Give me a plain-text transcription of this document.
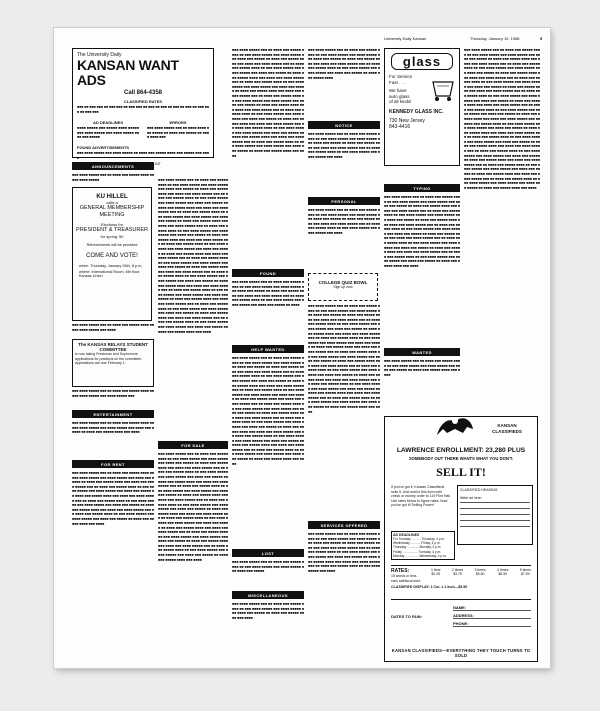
University Daily Kansan	Thursday, January 19, 1988	9
The University Daily
KANSAN WANT ADS
Call 864-4358
CLASSIFIED RATES
■■■ ■■ ■■■ ■■■ ■■ ■■■ ■■■ ■■ ■■■ ■■■ ■■ ■■■ ■■ ■■■ ■■ ■■■ ■■ ■■■ ■■ ■■■ ■■■ ■■ ■■■ ■■■
AD DEADLINES
■■■■ ■■■■■ ■■■ ■■■■■ ■■■■ ■■■■■ ■■■ ■■■■ ■■■■■ ■■■ ■■■■ ■■■■■ ■■■■ ■■■ ■■■■■
ERRORS
■■■ ■■■■ ■■■■■ ■■■ ■■ ■■■■ ■■■■ ■■■ ■■■■■ ■■ ■■■■ ■■■ ■■■■■ ■■ ■■■■ ■■■■ ■■■
FOUND ADVERTISEMENTS
■■■ ■■■■ ■■■■■ ■■■ ■■■■ ■■■■■ ■■ ■■■■ ■■■ ■■■■■ ■■■■ ■■■ ■■■■■ ■■■ ■■■■
119 STAUFFER-FLINT
ANNOUNCEMENTS
■■■ ■■■■ ■■■■■ ■■■ ■■ ■■■■ ■■■ ■■■■■ ■■■■ ■■ ■■■ ■■■■ ■■■■■
KU HILLEL
calls a
GENERAL MEMBERSHIP MEETING
Elections for
PRESIDENT & TREASURER
for spring '90
Refreshments will be provided
COME AND VOTE!
when: Thursday, January 26th, 8 p.m.
where: International Room, 6th floor, Kansas Union
■■■ ■■■■ ■■■■■ ■■■ ■■ ■■■■ ■■■ ■■■■■ ■■■■ ■■ ■■■ ■■■■ ■■■■■ ■■■ ■■■■
The KANSAS RELAYS STUDENT COMMITTEE
is now taking Freshman and Sophomore applications for positions on the committee. Applications are due February 1.
■■■ ■■■■ ■■■■■ ■■■ ■■ ■■■■ ■■■ ■■■■■ ■■■■ ■■ ■■■ ■■■■ ■■■■■ ■■■ ■■■■ ■■■■■ ■■■
ENTERTAINMENT
■■■ ■■■■ ■■■■■ ■■■ ■■ ■■■■ ■■■ ■■■■■ ■■■■ ■■ ■■■ ■■■■ ■■■■■ ■■■ ■■■■ ■■■■■ ■■■ ■■■■ ■■■ ■■■■■ ■■ ■■■■ ■■■ ■■■■■ ■■■■ ■■■ ■■■■
FOR RENT
■■■ ■■■■ ■■■■■ ■■■ ■■ ■■■■ ■■■ ■■■■■ ■■■■ ■■ ■■■ ■■■■ ■■■■■ ■■■ ■■■■ ■■■■■ ■■■ ■■■■ ■■■ ■■■■■ ■■ ■■■■ ■■■ ■■■■■ ■■■■ ■■■ ■■■■ ■■■ ■■■■ ■■■■■ ■■■ ■■ ■■■■ ■■■ ■■■■■ ■■■■ ■■ ■■■ ■■■■ ■■■■■ ■■■ ■■■■ ■■■■■ ■■■ ■■■■ ■■■ ■■■■■ ■■ ■■■■ ■■■ ■■■■■ ■■■■ ■■■ ■■■■ ■■■ ■■■■ ■■■■■ ■■■ ■■ ■■■■ ■■■ ■■■■■ ■■■■ ■■ ■■■ ■■■■ ■■■■■ ■■■ ■■■■ ■■■■■ ■■■ ■■■■ ■■■ ■■■■■ ■■ ■■■■ ■■■ ■■■■■ ■■■■ ■■■ ■■■■ ■■■ ■■■■ ■■■■■ ■■■ ■■ ■■■■ ■■■ ■■■■■ ■■■■ ■■ ■■■ ■■■■ ■■■■■ ■■■ ■■■■ ■■■■■ ■■■ ■■■■ ■■■ ■■■■■ ■■ ■■■■ ■■■ ■■■■■ ■■■■ ■■■ ■■■■
■■■ ■■■■ ■■■■■ ■■■ ■■ ■■■■ ■■■ ■■■■■ ■■■■ ■■ ■■■ ■■■■ ■■■■■ ■■■ ■■■■ ■■■■■ ■■■ ■■■■ ■■■ ■■■■■ ■■ ■■■■ ■■■ ■■■■■ ■■■■ ■■■ ■■■■ ■■■ ■■■■ ■■■■■ ■■■ ■■ ■■■■ ■■■ ■■■■■ ■■■■ ■■ ■■■ ■■■■ ■■■■■ ■■■ ■■■■ ■■■■■ ■■■ ■■■■ ■■■ ■■■■■ ■■ ■■■■ ■■■ ■■■■■ ■■■■ ■■■ ■■■■ ■■■ ■■■■ ■■■■■ ■■■ ■■ ■■■■ ■■■ ■■■■■ ■■■■ ■■ ■■■ ■■■■ ■■■■■ ■■■ ■■■■ ■■■■■ ■■■ ■■■■ ■■■ ■■■■■ ■■ ■■■■ ■■■ ■■■■■ ■■■■ ■■■ ■■■■ ■■■ ■■■■ ■■■■■ ■■■ ■■ ■■■■ ■■■ ■■■■■ ■■■■ ■■ ■■■ ■■■■ ■■■■■ ■■■ ■■■■ ■■■■■ ■■■ ■■■■ ■■■ ■■■■■ ■■ ■■■■ ■■■ ■■■■■ ■■■■ ■■■ ■■■■ ■■■ ■■■■ ■■■■■ ■■■ ■■ ■■■■ ■■■ ■■■■■ ■■■■ ■■ ■■■ ■■■■ ■■■■■ ■■■ ■■■■ ■■■■■ ■■■ ■■■■ ■■■ ■■■■■ ■■ ■■■■ ■■■ ■■■■■ ■■■■ ■■■ ■■■■ ■■■ ■■■■ ■■■■■ ■■■ ■■ ■■■■ ■■■ ■■■■■ ■■■■ ■■ ■■■ ■■■■ ■■■■■ ■■■ ■■■■ ■■■■■ ■■■ ■■■■ ■■■ ■■■■■ ■■ ■■■■ ■■■ ■■■■■ ■■■■ ■■■ ■■■■ ■■■ ■■■■ ■■■■■ ■■■ ■■ ■■■■ ■■■ ■■■■■ ■■■■ ■■ ■■■ ■■■■ ■■■■■ ■■■ ■■■■ ■■■■■ ■■■ ■■■■ ■■■ ■■■■■ ■■ ■■■■ ■■■ ■■■■■ ■■■■ ■■■ ■■■■ ■■■ ■■■■ ■■■■■ ■■■ ■■ ■■■■ ■■■ ■■■■■ ■■■■ ■■ ■■■ ■■■■ ■■■■■ ■■■ ■■■■ ■■■■■ ■■■ ■■■■ ■■■ ■■■■■ ■■ ■■■■ ■■■ ■■■■■ ■■■■ ■■■ ■■■■ ■■■ ■■■■ ■■■■■ ■■■ ■■ ■■■■ ■■■ ■■■■■ ■■■■ ■■ ■■■ ■■■■ ■■■■■ ■■■ ■■■■ ■■■■■ ■■■ ■■■■ ■■■ ■■■■■ ■■ ■■■■ ■■■ ■■■■■ ■■■■ ■■■ ■■■■ ■■■ ■■■■ ■■■■■ ■■■ ■■ ■■■■ ■■■ ■■■■■ ■■■■ ■■ ■■■ ■■■■ ■■■■■ ■■■ ■■■■ ■■■■■ ■■■ ■■■■ ■■■ ■■■■■ ■■ ■■■■ ■■■ ■■■■■ ■■■■ ■■■ ■■■■
FOR SALE
■■■ ■■■■ ■■■■■ ■■■ ■■ ■■■■ ■■■ ■■■■■ ■■■■ ■■ ■■■ ■■■■ ■■■■■ ■■■ ■■■■ ■■■■■ ■■■ ■■■■ ■■■ ■■■■■ ■■ ■■■■ ■■■ ■■■■■ ■■■■ ■■■ ■■■■ ■■■ ■■■■ ■■■■■ ■■■ ■■ ■■■■ ■■■ ■■■■■ ■■■■ ■■ ■■■ ■■■■ ■■■■■ ■■■ ■■■■ ■■■■■ ■■■ ■■■■ ■■■ ■■■■■ ■■ ■■■■ ■■■ ■■■■■ ■■■■ ■■■ ■■■■ ■■■ ■■■■ ■■■■■ ■■■ ■■ ■■■■ ■■■ ■■■■■ ■■■■ ■■ ■■■ ■■■■ ■■■■■ ■■■ ■■■■ ■■■■■ ■■■ ■■■■ ■■■ ■■■■■ ■■ ■■■■ ■■■ ■■■■■ ■■■■ ■■■ ■■■■ ■■■ ■■■■ ■■■■■ ■■■ ■■ ■■■■ ■■■ ■■■■■ ■■■■ ■■ ■■■ ■■■■ ■■■■■ ■■■ ■■■■ ■■■■■ ■■■ ■■■■ ■■■ ■■■■■ ■■ ■■■■ ■■■ ■■■■■ ■■■■ ■■■ ■■■■ ■■■ ■■■■ ■■■■■ ■■■ ■■ ■■■■ ■■■ ■■■■■ ■■■■ ■■ ■■■ ■■■■ ■■■■■ ■■■ ■■■■ ■■■■■ ■■■ ■■■■ ■■■ ■■■■■ ■■ ■■■■ ■■■ ■■■■■ ■■■■ ■■■ ■■■■ ■■■ ■■■■ ■■■■■ ■■■ ■■ ■■■■ ■■■ ■■■■■ ■■■■ ■■ ■■■ ■■■■ ■■■■■ ■■■ ■■■■ ■■■■■ ■■■ ■■■■ ■■■ ■■■■■ ■■ ■■■■ ■■■ ■■■■■ ■■■■ ■■■ ■■■■ ■■■ ■■■■ ■■■■■ ■■■ ■■ ■■■■ ■■■ ■■■■■ ■■■■ ■■ ■■■ ■■■■ ■■■■■ ■■■ ■■■■ ■■■■■ ■■■ ■■■■ ■■■ ■■■■■ ■■ ■■■■ ■■■ ■■■■■ ■■■■ ■■■ ■■■■
■■■ ■■■■ ■■■■■ ■■■ ■■ ■■■■ ■■■ ■■■■■ ■■■■ ■■ ■■■ ■■■■ ■■■■■ ■■■ ■■■■ ■■■■■ ■■■ ■■■■ ■■■ ■■■■■ ■■ ■■■■ ■■■ ■■■■■ ■■■■ ■■■ ■■■■ ■■■ ■■■■ ■■■■■ ■■■ ■■ ■■■■ ■■■ ■■■■■ ■■■■ ■■ ■■■ ■■■■ ■■■■■ ■■■ ■■■■ ■■■■■ ■■■ ■■■■ ■■■ ■■■■■ ■■ ■■■■ ■■■ ■■■■■ ■■■■ ■■■ ■■■■ ■■■ ■■■■ ■■■■■ ■■■ ■■ ■■■■ ■■■ ■■■■■ ■■■■ ■■ ■■■ ■■■■ ■■■■■ ■■■ ■■■■ ■■■■■ ■■■ ■■■■ ■■■ ■■■■■ ■■ ■■■■ ■■■ ■■■■■ ■■■■ ■■■ ■■■■ ■■■ ■■■■ ■■■■■ ■■■ ■■ ■■■■ ■■■ ■■■■■ ■■■■ ■■ ■■■ ■■■■ ■■■■■ ■■■ ■■■■ ■■■■■ ■■■ ■■■■ ■■■ ■■■■■ ■■ ■■■■ ■■■ ■■■■■ ■■■■ ■■■ ■■■■ ■■■ ■■■■ ■■■■■ ■■■ ■■ ■■■■ ■■■ ■■■■■ ■■■■ ■■ ■■■ ■■■■ ■■■■■ ■■■ ■■■■ ■■■■■ ■■■ ■■■■ ■■■ ■■■■■ ■■ ■■■■ ■■■ ■■■■■ ■■■■ ■■■ ■■■■ ■■■ ■■■■ ■■■■■ ■■■ ■■ ■■■■ ■■■ ■■■■■ ■■■■ ■■ ■■■ ■■■■ ■■■■■ ■■■ ■■■■ ■■■■■ ■■■ ■■■■ ■■■ ■■■■■ ■■ ■■■■ ■■■ ■■■■■ ■■■■ ■■■ ■■■■ ■■■ ■■■■ ■■■■■ ■■■ ■■ ■■■■ ■■■ ■■■■■ ■■■■ ■■ ■■■ ■■■■ ■■■■■ ■■■ ■■■■ ■■■■■ ■■■ ■■■■ ■■■ ■■■■■ ■■ ■■■■ ■■■ ■■■■■ ■■■■ ■■■ ■■■■
FOUND
■■■ ■■■■ ■■■■■ ■■■ ■■ ■■■■ ■■■ ■■■■■ ■■■■ ■■ ■■■ ■■■■ ■■■■■ ■■■ ■■■■ ■■■■■ ■■■ ■■■■ ■■■ ■■■■■ ■■ ■■■■ ■■■ ■■■■■ ■■■■ ■■■ ■■■■ ■■■ ■■■■ ■■■■■ ■■■ ■■ ■■■■ ■■■ ■■■■■ ■■■■ ■■ ■■■ ■■■■ ■■■■■ ■■■ ■■■■ ■■■■■ ■■■ ■■■■ ■■■ ■■■■■ ■■ ■■■■
HELP WANTED
■■■ ■■■■ ■■■■■ ■■■ ■■ ■■■■ ■■■ ■■■■■ ■■■■ ■■ ■■■ ■■■■ ■■■■■ ■■■ ■■■■ ■■■■■ ■■■ ■■■■ ■■■ ■■■■■ ■■ ■■■■ ■■■ ■■■■■ ■■■■ ■■■ ■■■■ ■■■ ■■■■ ■■■■■ ■■■ ■■ ■■■■ ■■■ ■■■■■ ■■■■ ■■ ■■■ ■■■■ ■■■■■ ■■■ ■■■■ ■■■■■ ■■■ ■■■■ ■■■ ■■■■■ ■■ ■■■■ ■■■ ■■■■■ ■■■■ ■■■ ■■■■ ■■■ ■■■■ ■■■■■ ■■■ ■■ ■■■■ ■■■ ■■■■■ ■■■■ ■■ ■■■ ■■■■ ■■■■■ ■■■ ■■■■ ■■■■■ ■■■ ■■■■ ■■■ ■■■■■ ■■ ■■■■ ■■■ ■■■■■ ■■■■ ■■■ ■■■■ ■■■ ■■■■ ■■■■■ ■■■ ■■ ■■■■ ■■■ ■■■■■ ■■■■ ■■ ■■■ ■■■■ ■■■■■ ■■■ ■■■■ ■■■■■ ■■■ ■■■■ ■■■ ■■■■■ ■■ ■■■■ ■■■ ■■■■■ ■■■■ ■■■ ■■■■ ■■■ ■■■■ ■■■■■ ■■■ ■■ ■■■■ ■■■ ■■■■■ ■■■■ ■■ ■■■ ■■■■ ■■■■■ ■■■ ■■■■ ■■■■■ ■■■ ■■■■ ■■■ ■■■■■ ■■ ■■■■ ■■■ ■■■■■ ■■■■ ■■■ ■■■■ ■■■ ■■■■ ■■■■■ ■■■ ■■ ■■■■ ■■■ ■■■■■ ■■■■ ■■ ■■■ ■■■■ ■■■■■ ■■■ ■■■■ ■■■■■ ■■■ ■■■■ ■■■ ■■■■■ ■■ ■■■■ ■■■ ■■■■■ ■■■■ ■■■ ■■■■ ■■■ ■■■■ ■■■■■ ■■■ ■■ ■■■■ ■■■ ■■■■■ ■■■■ ■■ ■■■ ■■■■ ■■■■■ ■■■ ■■■■ ■■■■■ ■■■ ■■■■ ■■■ ■■■■■ ■■ ■■■■ ■■■ ■■■■■ ■■■■ ■■■ ■■■■
LOST
■■■ ■■■■ ■■■■■ ■■■ ■■ ■■■■ ■■■ ■■■■■ ■■■■ ■■ ■■■ ■■■■ ■■■■■ ■■■ ■■■■ ■■■■■ ■■■ ■■■■ ■■■ ■■■■■
MISCELLANEOUS
■■■ ■■■■ ■■■■■ ■■■ ■■ ■■■■ ■■■ ■■■■■ ■■■■ ■■ ■■■ ■■■■ ■■■■■ ■■■ ■■■■ ■■■■■ ■■■ ■■■■ ■■■ ■■■■■ ■■ ■■■■ ■■■ ■■■■■ ■■■■ ■■■ ■■■■
■■■ ■■■■ ■■■■■ ■■■ ■■ ■■■■ ■■■ ■■■■■ ■■■■ ■■ ■■■ ■■■■ ■■■■■ ■■■ ■■■■ ■■■■■ ■■■ ■■■■ ■■■ ■■■■■ ■■ ■■■■ ■■■ ■■■■■ ■■■■ ■■■ ■■■■ ■■■ ■■■■ ■■■■■ ■■■ ■■ ■■■■ ■■■ ■■■■■ ■■■■ ■■ ■■■ ■■■■ ■■■■■ ■■■ ■■■■ ■■■■■ ■■■ ■■■■ ■■■ ■■■■■ ■■ ■■■■ ■■■ ■■■■■ ■■■■
NOTICE
■■■ ■■■■ ■■■■■ ■■■ ■■ ■■■■ ■■■ ■■■■■ ■■■■ ■■ ■■■ ■■■■ ■■■■■ ■■■ ■■■■ ■■■■■ ■■■ ■■■■ ■■■ ■■■■■ ■■ ■■■■ ■■■ ■■■■■ ■■■■ ■■■ ■■■■ ■■■ ■■■■ ■■■■■ ■■■ ■■ ■■■■ ■■■ ■■■■■ ■■■■ ■■ ■■■ ■■■■ ■■■■■ ■■■ ■■■■ ■■■■■ ■■■ ■■■■
PERSONAL
■■■ ■■■■ ■■■■■ ■■■ ■■ ■■■■ ■■■ ■■■■■ ■■■■ ■■ ■■■ ■■■■ ■■■■■ ■■■ ■■■■ ■■■■■ ■■■ ■■■■ ■■■ ■■■■■ ■■ ■■■■ ■■■ ■■■■■ ■■■■ ■■■ ■■■■ ■■■ ■■■■ ■■■■■ ■■■ ■■ ■■■■ ■■■ ■■■■■ ■■■■ ■■ ■■■ ■■■■ ■■■■■ ■■■ ■■■■ ■■■■■ ■■■ ■■■■
COLLEGE QUIZ BOWL
Sign up now
■■■ ■■■■ ■■■■■ ■■■ ■■ ■■■■ ■■■ ■■■■■ ■■■■ ■■ ■■■ ■■■■ ■■■■■ ■■■ ■■■■ ■■■■■ ■■■ ■■■■ ■■■ ■■■■■ ■■ ■■■■ ■■■ ■■■■■ ■■■■ ■■■ ■■■■ ■■■ ■■■■ ■■■■■ ■■■ ■■ ■■■■ ■■■ ■■■■■ ■■■■ ■■ ■■■ ■■■■ ■■■■■ ■■■ ■■■■ ■■■■■ ■■■ ■■■■ ■■■ ■■■■■ ■■ ■■■■ ■■■ ■■■■■ ■■■■ ■■■ ■■■■ ■■■ ■■■■ ■■■■■ ■■■ ■■ ■■■■ ■■■ ■■■■■ ■■■■ ■■ ■■■ ■■■■ ■■■■■ ■■■ ■■■■ ■■■■■ ■■■ ■■■■ ■■■ ■■■■■ ■■ ■■■■ ■■■ ■■■■■ ■■■■ ■■■ ■■■■ ■■■ ■■■■ ■■■■■ ■■■ ■■ ■■■■ ■■■ ■■■■■ ■■■■ ■■ ■■■ ■■■■ ■■■■■ ■■■ ■■■■ ■■■■■ ■■■ ■■■■ ■■■ ■■■■■ ■■ ■■■■ ■■■ ■■■■■ ■■■■ ■■■ ■■■■ ■■■ ■■■■ ■■■■■ ■■■ ■■ ■■■■ ■■■ ■■■■■ ■■■■ ■■ ■■■ ■■■■ ■■■■■ ■■■ ■■■■ ■■■■■ ■■■ ■■■■ ■■■ ■■■■■ ■■ ■■■■ ■■■ ■■■■■ ■■■■ ■■■ ■■■■ ■■■ ■■■■ ■■■■■ ■■■ ■■ ■■■■ ■■■ ■■■■■ ■■■■ ■■ ■■■ ■■■■ ■■■■■ ■■■ ■■■■ ■■■■■ ■■■ ■■■■ ■■■ ■■■■■ ■■ ■■■■ ■■■ ■■■■■ ■■■■ ■■■ ■■■■ ■■■ ■■■■ ■■■■■ ■■■ ■■ ■■■■ ■■■ ■■■■■ ■■■■ ■■ ■■■ ■■■■ ■■■■■ ■■■ ■■■■ ■■■■■ ■■■ ■■■■ ■■■ ■■■■■ ■■ ■■■■ ■■■ ■■■■■ ■■■■ ■■■ ■■■■
SERVICES OFFERED
■■■ ■■■■ ■■■■■ ■■■ ■■ ■■■■ ■■■ ■■■■■ ■■■■ ■■ ■■■ ■■■■ ■■■■■ ■■■ ■■■■ ■■■■■ ■■■ ■■■■ ■■■ ■■■■■ ■■ ■■■■ ■■■ ■■■■■ ■■■■ ■■■ ■■■■ ■■■ ■■■■ ■■■■■ ■■■ ■■ ■■■■ ■■■ ■■■■■ ■■■■ ■■ ■■■ ■■■■ ■■■■■ ■■■ ■■■■ ■■■■■ ■■■ ■■■■ ■■■ ■■■■■ ■■ ■■■■ ■■■ ■■■■■ ■■■■ ■■■ ■■■■ ■■■ ■■■■ ■■■■■ ■■■ ■■ ■■■■ ■■■ ■■■■■ ■■■■ ■■ ■■■ ■■■■ ■■■■■ ■■■ ■■■■
glass
For Service
Fast . . .
We have
auto glass
of all kinds!
KENNEDY GLASS INC.
730 New Jersey
843-4416
TYPING
■■■ ■■■■ ■■■■■ ■■■ ■■ ■■■■ ■■■ ■■■■■ ■■■■ ■■ ■■■ ■■■■ ■■■■■ ■■■ ■■■■ ■■■■■ ■■■ ■■■■ ■■■ ■■■■■ ■■ ■■■■ ■■■ ■■■■■ ■■■■ ■■■ ■■■■ ■■■ ■■■■ ■■■■■ ■■■ ■■ ■■■■ ■■■ ■■■■■ ■■■■ ■■ ■■■ ■■■■ ■■■■■ ■■■ ■■■■ ■■■■■ ■■■ ■■■■ ■■■ ■■■■■ ■■ ■■■■ ■■■ ■■■■■ ■■■■ ■■■ ■■■■ ■■■ ■■■■ ■■■■■ ■■■ ■■ ■■■■ ■■■ ■■■■■ ■■■■ ■■ ■■■ ■■■■ ■■■■■ ■■■ ■■■■ ■■■■■ ■■■ ■■■■ ■■■ ■■■■■ ■■ ■■■■ ■■■ ■■■■■ ■■■■ ■■■ ■■■■ ■■■ ■■■■ ■■■■■ ■■■ ■■ ■■■■ ■■■ ■■■■■ ■■■■ ■■ ■■■ ■■■■ ■■■■■ ■■■ ■■■■ ■■■■■ ■■■ ■■■■ ■■■ ■■■■■ ■■ ■■■■ ■■■ ■■■■■ ■■■■ ■■■ ■■■■ ■■■ ■■■■ ■■■■■ ■■■ ■■ ■■■■ ■■■ ■■■■■ ■■■■ ■■ ■■■ ■■■■ ■■■■■ ■■■ ■■■■ ■■■■■ ■■■ ■■■■ ■■■ ■■■■■ ■■ ■■■■ ■■■ ■■■■■ ■■■■ ■■■ ■■■■
WANTED
■■■ ■■■■ ■■■■■ ■■■ ■■ ■■■■ ■■■ ■■■■■ ■■■■ ■■ ■■■ ■■■■ ■■■■■ ■■■ ■■■■ ■■■■■ ■■■ ■■■■ ■■■ ■■■■■ ■■ ■■■■ ■■■ ■■■■■ ■■■■ ■■■ ■■■■
■■■ ■■■■ ■■■■■ ■■■ ■■ ■■■■ ■■■ ■■■■■ ■■■■ ■■ ■■■ ■■■■ ■■■■■ ■■■ ■■■■ ■■■■■ ■■■ ■■■■ ■■■ ■■■■■ ■■ ■■■■ ■■■ ■■■■■ ■■■■ ■■■ ■■■■ ■■■ ■■■■ ■■■■■ ■■■ ■■ ■■■■ ■■■ ■■■■■ ■■■■ ■■ ■■■ ■■■■ ■■■■■ ■■■ ■■■■ ■■■■■ ■■■ ■■■■ ■■■ ■■■■■ ■■ ■■■■ ■■■ ■■■■■ ■■■■ ■■■ ■■■■ ■■■ ■■■■ ■■■■■ ■■■ ■■ ■■■■ ■■■ ■■■■■ ■■■■ ■■ ■■■ ■■■■ ■■■■■ ■■■ ■■■■ ■■■■■ ■■■ ■■■■ ■■■ ■■■■■ ■■ ■■■■ ■■■ ■■■■■ ■■■■ ■■■ ■■■■ ■■■ ■■■■ ■■■■■ ■■■ ■■ ■■■■ ■■■ ■■■■■ ■■■■ ■■ ■■■ ■■■■ ■■■■■ ■■■ ■■■■ ■■■■■ ■■■ ■■■■ ■■■ ■■■■■ ■■ ■■■■ ■■■ ■■■■■ ■■■■ ■■■ ■■■■ ■■■ ■■■■ ■■■■■ ■■■ ■■ ■■■■ ■■■ ■■■■■ ■■■■ ■■ ■■■ ■■■■ ■■■■■ ■■■ ■■■■ ■■■■■ ■■■ ■■■■ ■■■ ■■■■■ ■■ ■■■■ ■■■ ■■■■■ ■■■■ ■■■ ■■■■ ■■■ ■■■■ ■■■■■ ■■■ ■■ ■■■■ ■■■ ■■■■■ ■■■■ ■■ ■■■ ■■■■ ■■■■■ ■■■ ■■■■ ■■■■■ ■■■ ■■■■ ■■■ ■■■■■ ■■ ■■■■ ■■■ ■■■■■ ■■■■ ■■■ ■■■■ ■■■ ■■■■ ■■■■■ ■■■ ■■ ■■■■ ■■■ ■■■■■ ■■■■ ■■ ■■■ ■■■■ ■■■■■ ■■■ ■■■■ ■■■■■ ■■■ ■■■■ ■■■ ■■■■■ ■■ ■■■■ ■■■ ■■■■■ ■■■■ ■■■ ■■■■ ■■■ ■■■■ ■■■■■ ■■■ ■■ ■■■■ ■■■ ■■■■■ ■■■■ ■■ ■■■ ■■■■ ■■■■■ ■■■ ■■■■ ■■■■■ ■■■ ■■■■ ■■■ ■■■■■ ■■ ■■■■ ■■■ ■■■■■ ■■■■ ■■■ ■■■■ ■■■ ■■■■ ■■■■■ ■■■ ■■ ■■■■ ■■■ ■■■■■ ■■■■ ■■ ■■■ ■■■■ ■■■■■ ■■■ ■■■■ ■■■■■ ■■■ ■■■■ ■■■ ■■■■■ ■■ ■■■■ ■■■ ■■■■■ ■■■■ ■■■ ■■■■ ■■■ ■■■■ ■■■■■ ■■■ ■■ ■■■■ ■■■ ■■■■■ ■■■■ ■■ ■■■ ■■■■ ■■■■■ ■■■ ■■■■ ■■■■■ ■■■ ■■■■ ■■■ ■■■■■ ■■ ■■■■ ■■■ ■■■■■ ■■■■ ■■■ ■■■■
KANSAN CLASSIFIEDS
LAWRENCE ENROLLMENT: 23,280 PLUS
SOMEBODY OUT THERE WANTS WHAT YOU DON'T.
SELL IT!
If you've got it, Kansan Classifieds sells it. Just mail in this form with check or money order to 119 Flint Hall. Use rates below to figure rates. Now you've got it! Selling Power!
CLASSIFIED HEADING:
Write ad here:
AD DEADLINES
For Tuesday .......... Thursday, 4 p.m.
Wednesday ........... Friday, 4 p.m.
Thursday ............. Monday, 4 p.m.
Friday ................. Tuesday, 4 p.m.
Monday ............... Wednesday, 4 p.m.
RATES:
15 words or less
1 time
$2.25
2 times
$3.75
3 times
$5.50
4 times
$6.50
5 times
$7.50
each additional word
CLASSIFIED DISPLAY: 1 Col. x 1 Inch—$5.50
DATES TO RUN:
NAME:
ADDRESS:
PHONE:
KANSAN CLASSIFIEDS—EVERYTHING THEY TOUCH TURNS TO SOLD
